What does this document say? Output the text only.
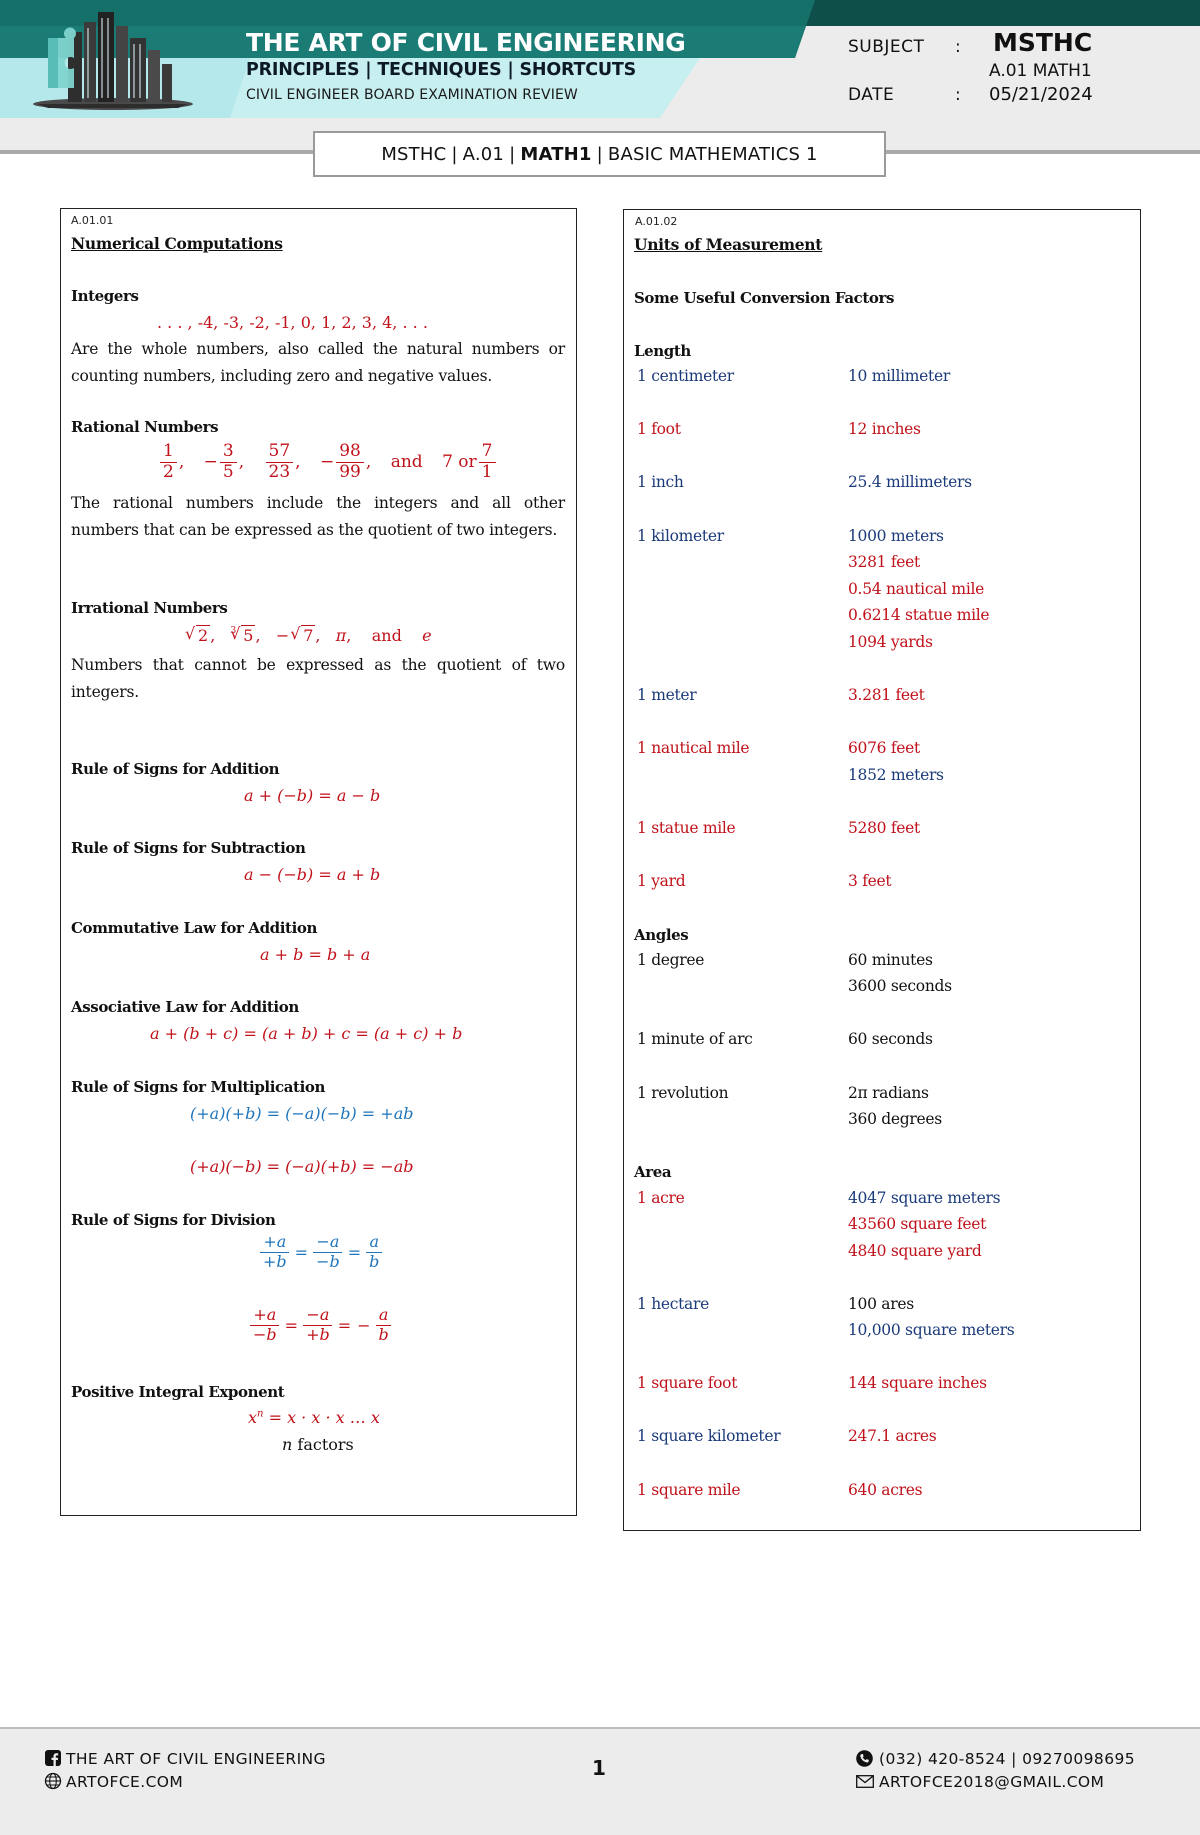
THE ART OF CIVIL ENGINEERING
PRINCIPLES | TECHNIQUES | SHORTCUTS
CIVIL ENGINEER BOARD EXAMINATION REVIEW
SUBJECT : MSTHC
A.01 MATH1
DATE	: 05/21/2024
MSTHC | A.01 | MATH1 | BASIC MATHEMATICS 1
A.01.01
Numerical Computations
Integers
. . . , -4, -3, -2, -1, 0, 1, 2, 3, 4, . . .
Are the whole numbers, also called the natural numbers or counting numbers, including zero and negative values.
Rational Numbers
$\frac{1}{2}$ , − $\frac{3}{5}$ , $\frac{57}{23}$ , − $\frac{98}{99}$ , and 7 or $\frac{7}{1}$
The rational numbers include the integers and all other numbers that can be expressed as the quotient of two integers.
Irrational Numbers
√ 2 , $^3$ √ 5 , − √ 7 , π, and e
Numbers that cannot be expressed as the quotient of two integers.
Rule of Signs for Addition
a + (−b) = a − b
Rule of Signs for Subtraction
a − (−b) = a + b
Commutative Law for Addition
a + b = b + a
Associative Law for Addition
a + (b + c) = (a + b) + c = (a + c) + b
Rule of Signs for Multiplication
(+a)(+b) = (−a)(−b) = +ab
(+a)(−b) = (−a)(+b) = −ab
Rule of Signs for Division
$\frac{+a}{+b} = \frac{-a}{-b} = \frac{a}{b}$
$\frac{+a}{-b} = \frac{-a}{+b}$ = − $\frac{a}{b}$
Positive Integral Exponent
$x^n = x \cdot x \cdot x$ … x
n factors
A.01.02
Units of Measurement
Some Useful Conversion Factors
Length
1 centimeter	10 millimeter
1 foot	12 inches
1 inch	25.4 millimeters
1 kilometer	1000 meters
3281 feet
0.54 nautical mile
0.6214 statue mile
1094 yards
1 meter	3.281 feet
1 nautical mile	6076 feet
1852 meters
1 statue mile	5280 feet
1 yard	3 feet
Angles
1 degree	60 minutes
3600 seconds
1 minute of arc	60 seconds
1 revolution	2π radians
360 degrees
Area
1 acre	4047 square meters
43560 square feet
4840 square yard
1 hectare	100 ares
10,000 square meters
1 square foot	144 square inches
1 square kilometer	247.1 acres
1 square mile	640 acres
THE ART OF CIVIL ENGINEERING
ARTOFCE.COM
1	(032) 420-8524 | 09270098695
ARTOFCE2018@GMAIL.COM
